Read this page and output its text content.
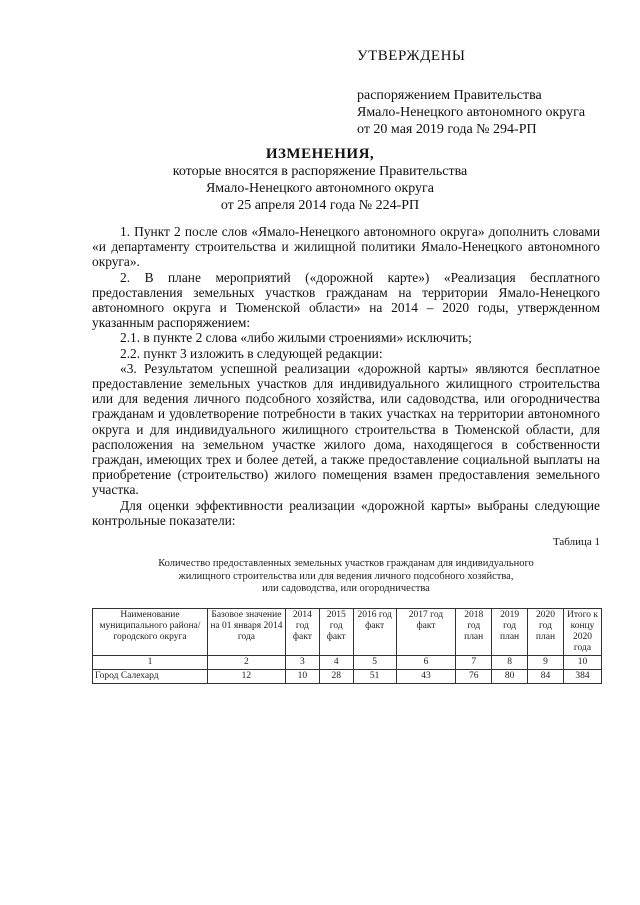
УТВЕРЖДЕНЫ
распоряжением Правительства
Ямало-Ненецкого автономного округа
от 20 мая 2019 года № 294-РП
ИЗМЕНЕНИЯ,
которые вносятся в распоряжение Правительства
Ямало-Ненецкого автономного округа
от 25 апреля 2014 года № 224-РП

1. Пункт 2 после слов «Ямало-Ненецкого автономного округа» дополнить словами «и департаменту строительства и жилищной политики Ямало-Ненецкого автономного округа».

2. В плане мероприятий («дорожной карте») «Реализация бесплатного предоставления земельных участков гражданам на территории Ямало-Ненецкого автономного округа и Тюменской области» на 2014 – 2020 годы, утвержденном указанным распоряжением:

2.1. в пункте 2 слова «либо жилыми строениями» исключить;

2.2. пункт 3 изложить в следующей редакции:

«3. Результатом успешной реализации «дорожной карты» являются бесплатное предоставление земельных участков для индивидуального жилищного строительства или для ведения личного подсобного хозяйства, или садоводства, или огородничества гражданам и удовлетворение потребности в таких участках на территории автономного округа и для индивидуального жилищного строительства в Тюменской области, для расположения на земельном участке жилого дома, находящегося в собственности граждан, имеющих трех и более детей, а также предоставление социальной выплаты на приобретение (строительство) жилого помещения взамен предоставления земельного участка.

Для оценки эффективности реализации «дорожной карты» выбраны следующие контрольные показатели:

Таблица 1
Количество предоставленных земельных участков гражданам для индивидуального
жилищного строительства или для ведения личного подсобного хозяйства,
или садоводства, или огородничества
Наименование муниципального района/городского округа	Базовое значение на 01 января 2014 года	2014 год факт	2015 год факт	2016 год факт	2017 год факт	2018 год план	2019 год план	2020 год план	Итого к концу 2020 года
1	2	3	4	5	6	7	8	9	10
Город Салехард	12	10	28	51	43	76	80	84	384
